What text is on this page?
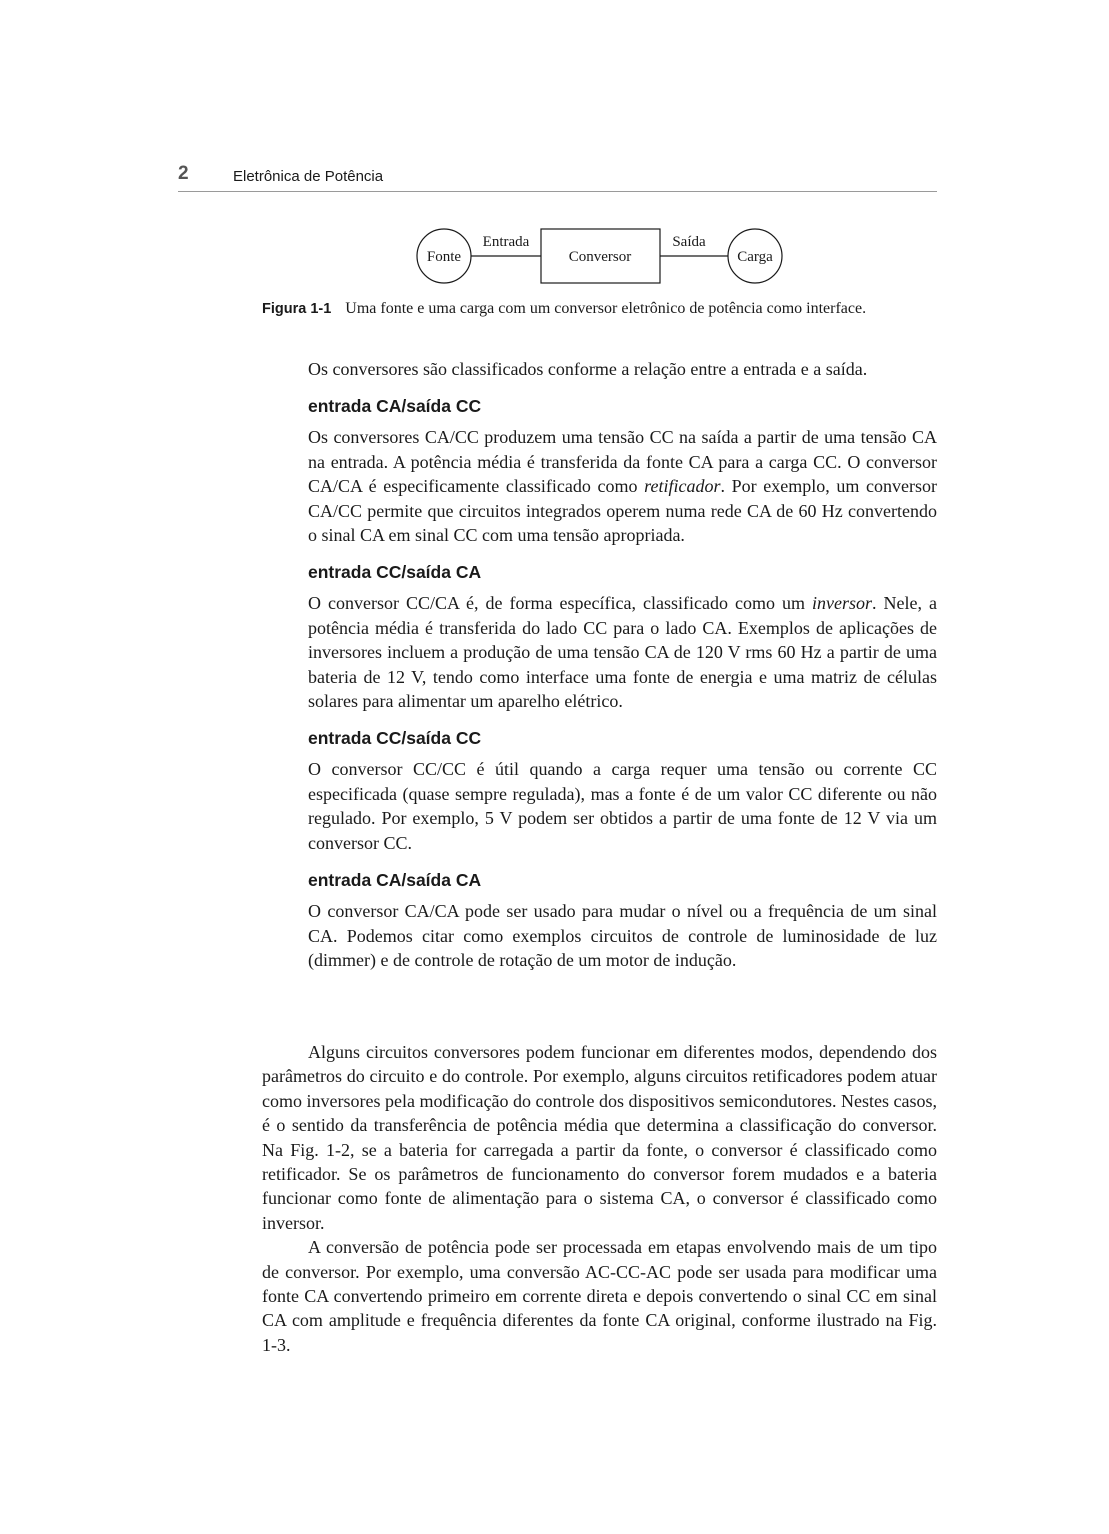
2	Eletrônica de Potência
Fonte
Entrada
Conversor
Saída
Carga
Figura 1-1 Uma fonte e uma carga com um conversor eletrônico de potência como interface.

Os conversores são classificados conforme a relação entre a entrada e a saída.

entrada CA/saída CC

Os conversores CA/CC produzem uma tensão CC na saída a partir de uma tensão CA na entrada. A potência média é transferida da fonte CA para a carga CC. O conversor CA/CA é especificamente classificado como retificador. Por exemplo, um conversor CA/CC permite que circuitos integrados operem numa rede CA de 60 Hz convertendo o sinal CA em sinal CC com uma tensão apropriada.

entrada CC/saída CA

O conversor CC/CA é, de forma específica, classificado como um inversor. Nele, a potência média é transferida do lado CC para o lado CA. Exemplos de aplicações de inversores incluem a produção de uma tensão CA de 120 V rms 60 Hz a partir de uma bateria de 12 V, tendo como interface uma fonte de energia e uma matriz de células solares para alimentar um aparelho elétrico.

entrada CC/saída CC

O conversor CC/CC é útil quando a carga requer uma tensão ou corrente CC especificada (quase sempre regulada), mas a fonte é de um valor CC diferente ou não regulado. Por exemplo, 5 V podem ser obtidos a partir de uma fonte de 12 V via um conversor CC.

entrada CA/saída CA

O conversor CA/CA pode ser usado para mudar o nível ou a frequência de um sinal CA. Podemos citar como exemplos circuitos de controle de luminosidade de luz (dimmer) e de controle de rotação de um motor de indução.

Alguns circuitos conversores podem funcionar em diferentes modos, dependendo dos parâmetros do circuito e do controle. Por exemplo, alguns circuitos retificadores podem atuar como inversores pela modificação do controle dos dispositivos semicondutores. Nestes casos, é o sentido da transferência de potência média que determina a classificação do conversor. Na Fig. 1-2, se a bateria for carregada a partir da fonte, o conversor é classificado como retificador. Se os parâmetros de funcionamento do conversor forem mudados e a bateria funcionar como fonte de alimentação para o sistema CA, o conversor é classificado como inversor.

A conversão de potência pode ser processada em etapas envolvendo mais de um tipo de conversor. Por exemplo, uma conversão AC-CC-AC pode ser usada para modificar uma fonte CA convertendo primeiro em corrente direta e depois convertendo o sinal CC em sinal CA com amplitude e frequência diferentes da fonte CA original, conforme ilustrado na Fig. 1-3.
